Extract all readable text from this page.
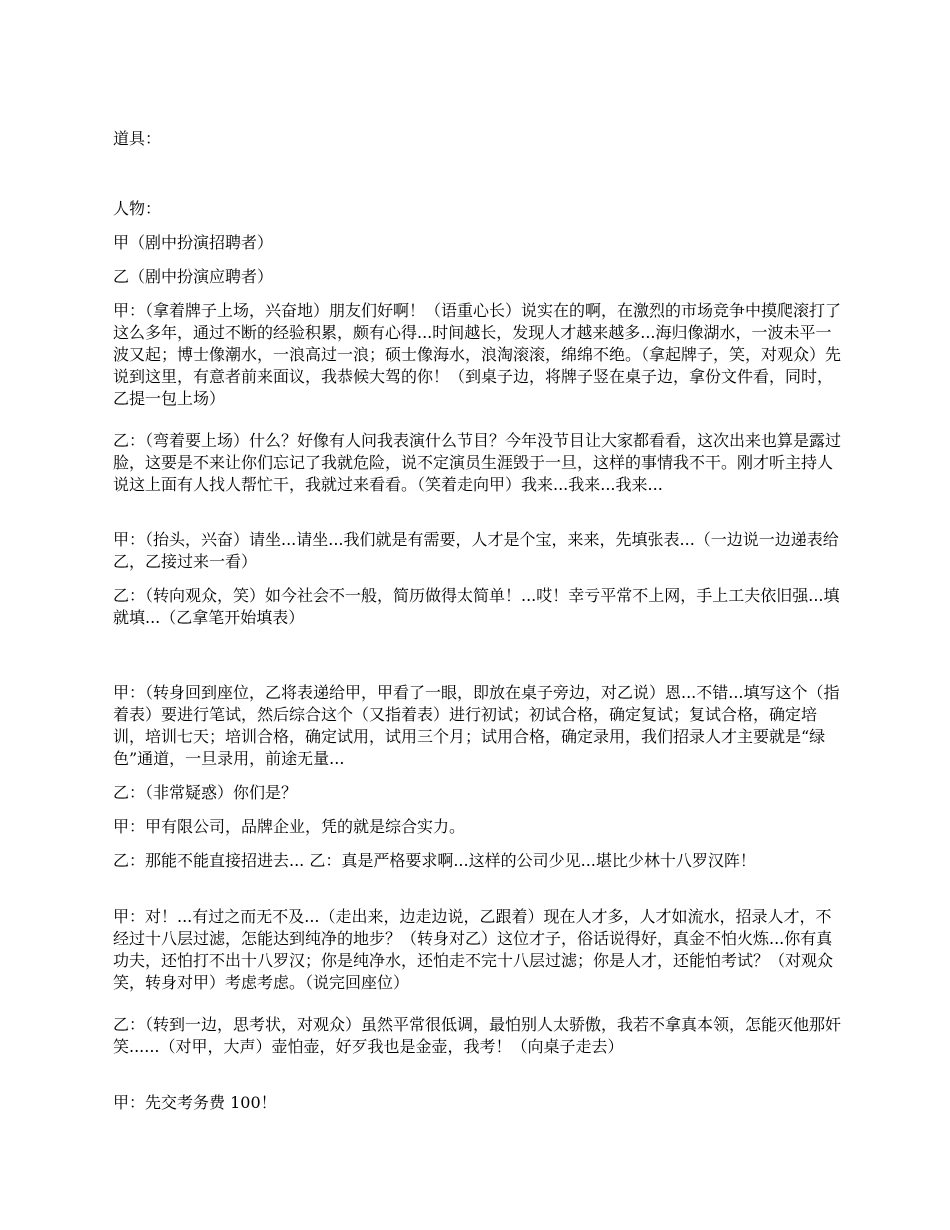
道具：

人物：

甲（剧中扮演招聘者）

乙（剧中扮演应聘者）

甲：（拿着牌子上场，兴奋地）朋友们好啊！（语重心长）说实在的啊，在激烈的市场竞争中摸爬滚打了这么多年，通过不断的经验积累，颇有心得...时间越长，发现人才越来越多...海归像湖水，一波未平一波又起；博士像潮水，一浪高过一浪；硕士像海水，浪淘滚滚，绵绵不绝。（拿起牌子，笑，对观众）先说到这里，有意者前来面议，我恭候大驾的你！（到桌子边，将牌子竖在桌子边，拿份文件看，同时，乙提一包上场）

乙：（弯着要上场）什么？好像有人问我表演什么节目？今年没节目让大家都看看，这次出来也算是露过脸，这要是不来让你们忘记了我就危险，说不定演员生涯毁于一旦，这样的事情我不干。刚才听主持人说这上面有人找人帮忙干，我就过来看看。（笑着走向甲）我来...我来...我来...

甲：（抬头，兴奋）请坐...请坐...我们就是有需要，人才是个宝，来来，先填张表...（一边说一边递表给乙，乙接过来一看）

乙：（转向观众，笑）如今社会不一般，简历做得太简单！...哎！幸亏平常不上网，手上工夫依旧强...填就填...（乙拿笔开始填表）

甲：（转身回到座位，乙将表递给甲，甲看了一眼，即放在桌子旁边，对乙说）恩...不错...填写这个（指着表）要进行笔试，然后综合这个（又指着表）进行初试；初试合格，确定复试；复试合格，确定培训，培训七天；培训合格，确定试用，试用三个月；试用合格，确定录用，我们招录人才主要就是“绿色”通道，一旦录用，前途无量...

乙：（非常疑惑）你们是？

甲：甲有限公司，品牌企业，凭的就是综合实力。

乙：那能不能直接招进去... 乙：真是严格要求啊...这样的公司少见...堪比少林十八罗汉阵！

甲：对！...有过之而无不及...（走出来，边走边说，乙跟着）现在人才多，人才如流水，招录人才，不经过十八层过滤，怎能达到纯净的地步？（转身对乙）这位才子，俗话说得好，真金不怕火炼...你有真功夫，还怕打不出十八罗汉；你是纯净水，还怕走不完十八层过滤；你是人才，还能怕考试？（对观众笑，转身对甲）考虑考虑。（说完回座位）

乙：（转到一边，思考状，对观众）虽然平常很低调，最怕别人太骄傲，我若不拿真本领，怎能灭他那奸笑......（对甲，大声）壶怕壶，好歹我也是金壶，我考！（向桌子走去）

甲：先交考务费 100！
